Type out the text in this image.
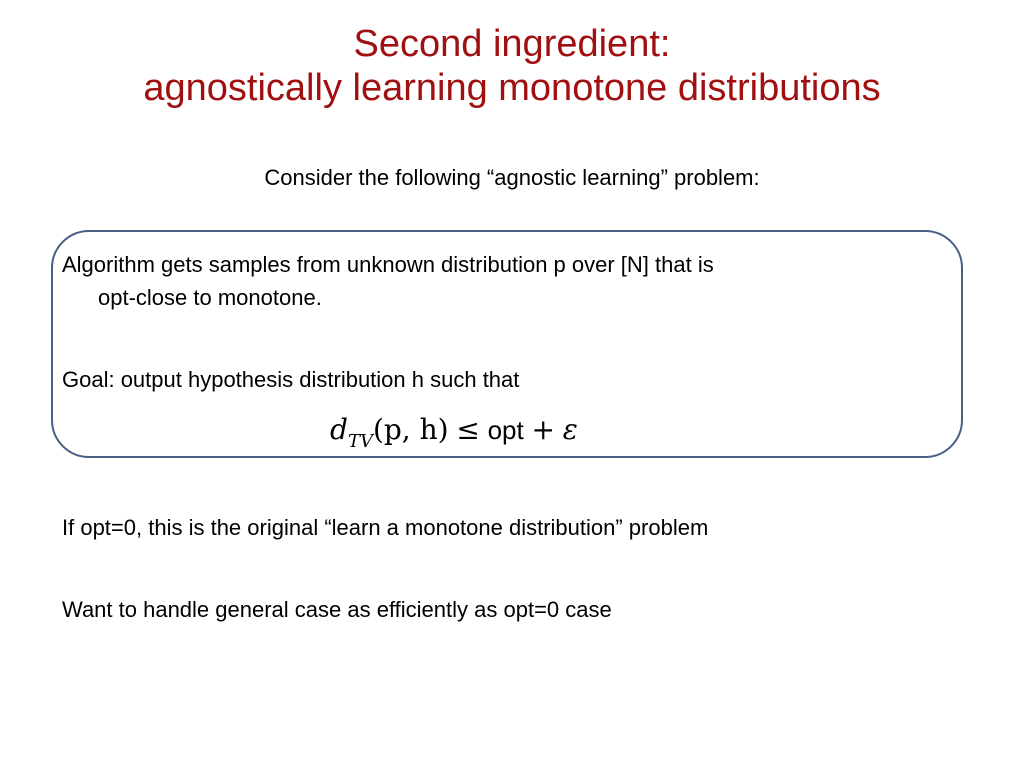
Second ingredient:
agnostically learning monotone distributions
Consider the following “agnostic learning” problem:
Algorithm gets samples from unknown distribution p over [N] that is
opt-close to monotone.
Goal: output hypothesis distribution h such that
$d_{TV}(p$, h) ≤ opt + ε
If opt=0, this is the original “learn a monotone distribution” problem
Want to handle general case as efficiently as opt=0 case
